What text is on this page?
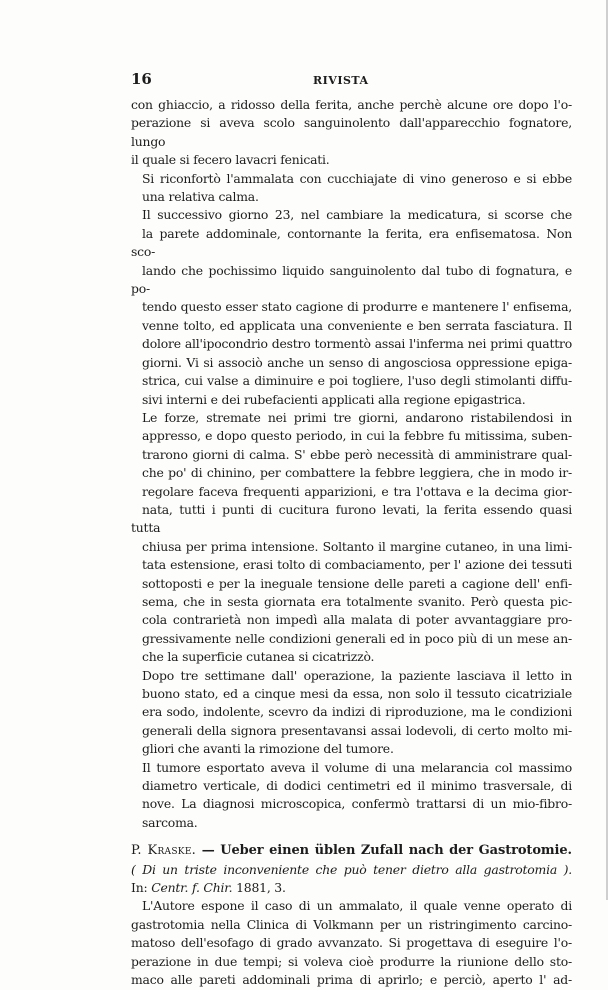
16	RIVISTA
con ghiaccio, a ridosso della ferita, anche perchè alcune ore dopo l'o-
perazione si aveva scolo sanguinolento dall'apparecchio fognatore, lungo
il quale si fecero lavacri fenicati.
Si riconfortò l'ammalata con cucchiajate di vino generoso e si ebbe
una relativa calma.
Il successivo giorno 23, nel cambiare la medicatura, si scorse che
la parete addominale, contornante la ferita, era enfisematosa. Non sco-
lando che pochissimo liquido sanguinolento dal tubo di fognatura, e po-
tendo questo esser stato cagione di produrre e mantenere l' enfisema,
venne tolto, ed applicata una conveniente e ben serrata fasciatura. Il
dolore all'ipocondrio destro tormentò assai l'inferma nei primi quattro
giorni. Vi si associò anche un senso di angosciosa oppressione epiga-
strica, cui valse a diminuire e poi togliere, l'uso degli stimolanti diffu-
sivi interni e dei rubefacienti applicati alla regione epigastrica.
Le forze, stremate nei primi tre giorni, andarono ristabilendosi in
appresso, e dopo questo periodo, in cui la febbre fu mitissima, suben-
trarono giorni di calma. S' ebbe però necessità di amministrare qual-
che po' di chinino, per combattere la febbre leggiera, che in modo ir-
regolare faceva frequenti apparizioni, e tra l'ottava e la decima gior-
nata, tutti i punti di cucitura furono levati, la ferita essendo quasi tutta
chiusa per prima intensione. Soltanto il margine cutaneo, in una limi-
tata estensione, erasi tolto di combaciamento, per l' azione dei tessuti
sottoposti e per la ineguale tensione delle pareti a cagione dell' enfi-
sema, che in sesta giornata era totalmente svanito. Però questa pic-
cola contrarietà non impedì alla malata di poter avvantaggiare pro-
gressivamente nelle condizioni generali ed in poco più di un mese an-
che la superficie cutanea si cicatrizzò.
Dopo tre settimane dall' operazione, la paziente lasciava il letto in
buono stato, ed a cinque mesi da essa, non solo il tessuto cicatriziale
era sodo, indolente, scevro da indizi di riproduzione, ma le condizioni
generali della signora presentavansi assai lodevoli, di certo molto mi-
gliori che avanti la rimozione del tumore.
Il tumore esportato aveva il volume di una melarancia col massimo
diametro verticale, di dodici centimetri ed il minimo trasversale, di
nove. La diagnosi microscopica, confermò trattarsi di un mio-fibro-
sarcoma.
P. Kraske. — Ueber einen üblen Zufall nach der Gastrotomie.
( Di un triste inconveniente che può tener dietro alla gastrotomia ).
In: Centr. f. Chir. 1881, 3.
L'Autore espone il caso di un ammalato, il quale venne operato di
gastrotomia nella Clinica di Volkmann per un ristringimento carcino-
matoso dell'esofago di grado avvanzato. Si progettava di eseguire l'o-
perazione in due tempi; si voleva cioè produrre la riunione dello sto-
maco alle pareti addominali prima di aprirlo; e perciò, aperto l' ad-
